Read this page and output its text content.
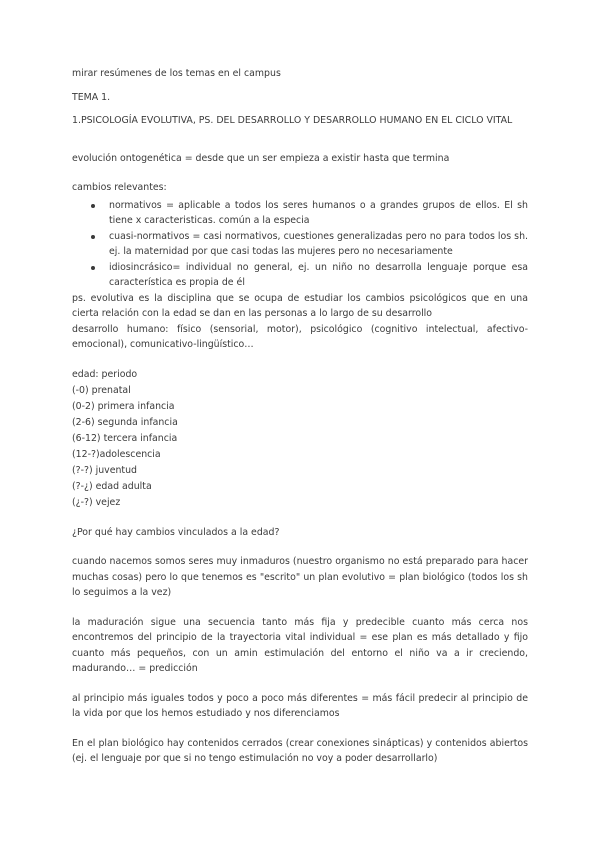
mirar resúmenes de los temas en el campus

TEMA 1.

1.PSICOLOGÍA EVOLUTIVA, PS. DEL DESARROLLO Y DESARROLLO HUMANO EN EL CICLO VITAL

evolución ontogenética = desde que un ser empieza a existir hasta que termina

cambios relevantes:

normativos = aplicable a todos los seres humanos o a grandes grupos de ellos. El sh tiene x caracteristicas. común a la especia
cuasi-normativos = casi normativos, cuestiones generalizadas pero no para todos los sh. ej. la maternidad por que casi todas las mujeres pero no necesariamente
idiosincrásico= individual no general, ej. un niño no desarrolla lenguaje porque esa característica es propia de él

ps. evolutiva es la disciplina que se ocupa de estudiar los cambios psicológicos que en una cierta relación con la edad se dan en las personas a lo largo de su desarrollo

desarrollo humano: físico (sensorial, motor), psicológico (cognitivo intelectual, afectivo-emocional), comunicativo-lingüístico…

edad: periodo

(-0) prenatal

(0-2) primera infancia

(2-6) segunda infancia

(6-12) tercera infancia

(12-?)adolescencia

(?-?) juventud

(?-¿) edad adulta

(¿-?) vejez

¿Por qué hay cambios vinculados a la edad?

cuando nacemos somos seres muy inmaduros (nuestro organismo no está preparado para hacer muchas cosas) pero lo que tenemos es "escrito" un plan evolutivo = plan biológico (todos los sh lo seguimos a la vez)

la maduración sigue una secuencia tanto más fija y predecible cuanto más cerca nos encontremos del principio de la trayectoria vital individual = ese plan es más detallado y fijo cuanto más pequeños, con un amin estimulación del entorno el niño va a ir creciendo, madurando… = predicción

al principio más iguales todos y poco a poco más diferentes = más fácil predecir al principio de la vida por que los hemos estudiado y nos diferenciamos

En el plan biológico hay contenidos cerrados (crear conexiones sinápticas) y contenidos abiertos (ej. el lenguaje por que si no tengo estimulación no voy a poder desarrollarlo)
